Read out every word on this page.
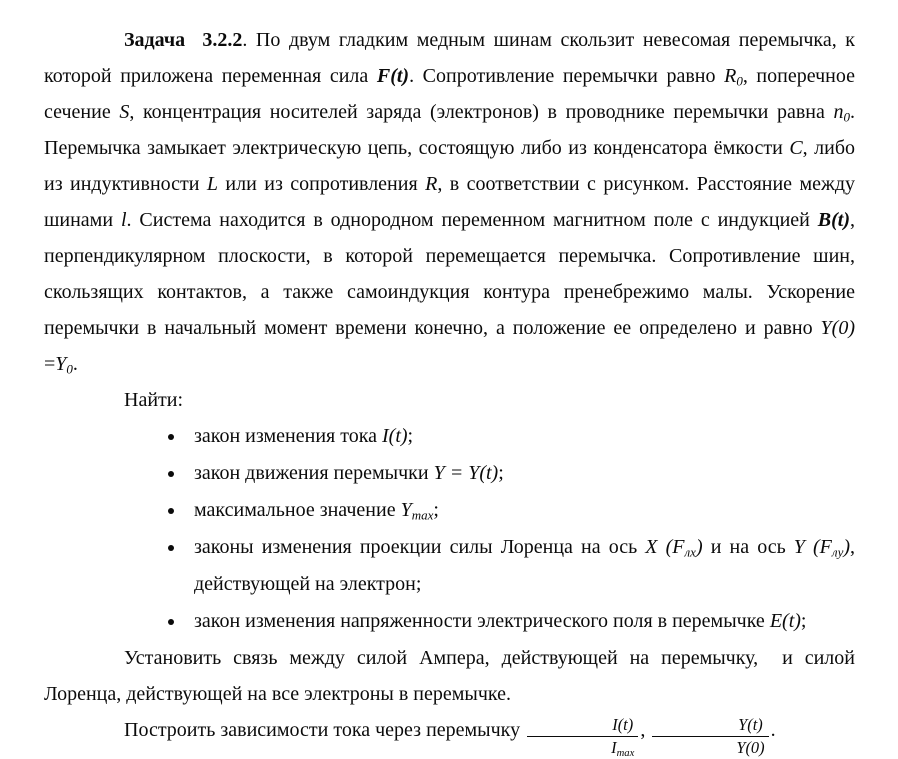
Задача  3.2.2. По двум гладким медным шинам скользит невесомая перемычка, к которой приложена переменная сила F(t). Сопротивление перемычки равно R0, поперечное сечение S, концентрация носителей заряда (электронов) в проводнике перемычки равна n0. Перемычка замыкает электрическую цепь, состоящую либо из конденсатора ёмкости C, либо из индуктивности L или из сопротивления R, в соответствии с рисунком. Расстояние между шинами l. Система находится в однородном переменном магнитном поле с индукцией B(t), перпендикулярном плоскости, в которой перемещается перемычка. Сопротивление шин, скользящих контактов, а также самоиндукция контура пренебрежимо малы. Ускорение перемычки в начальный момент времени конечно, а положение ее определено и равно Y(0) =Y0.

Найти:

• закон изменения тока I(t);
• закон движения перемычки Y = Y(t);
• максимальное значение Ymax;
• законы изменения проекции силы Лоренца на ось X (Fлx) и на ось Y (Fлy), действующей на электрон;
• закон изменения напряженности электрического поля в перемычке E(t);

Установить связь между силой Ампера, действующей на перемычку,  и силой Лоренца, действующей на все электроны в перемычке.

Построить зависимости тока через перемычку $\frac{I(t)}{Imax}$ , $\frac{Y(t)}{Y(0)}$ .
